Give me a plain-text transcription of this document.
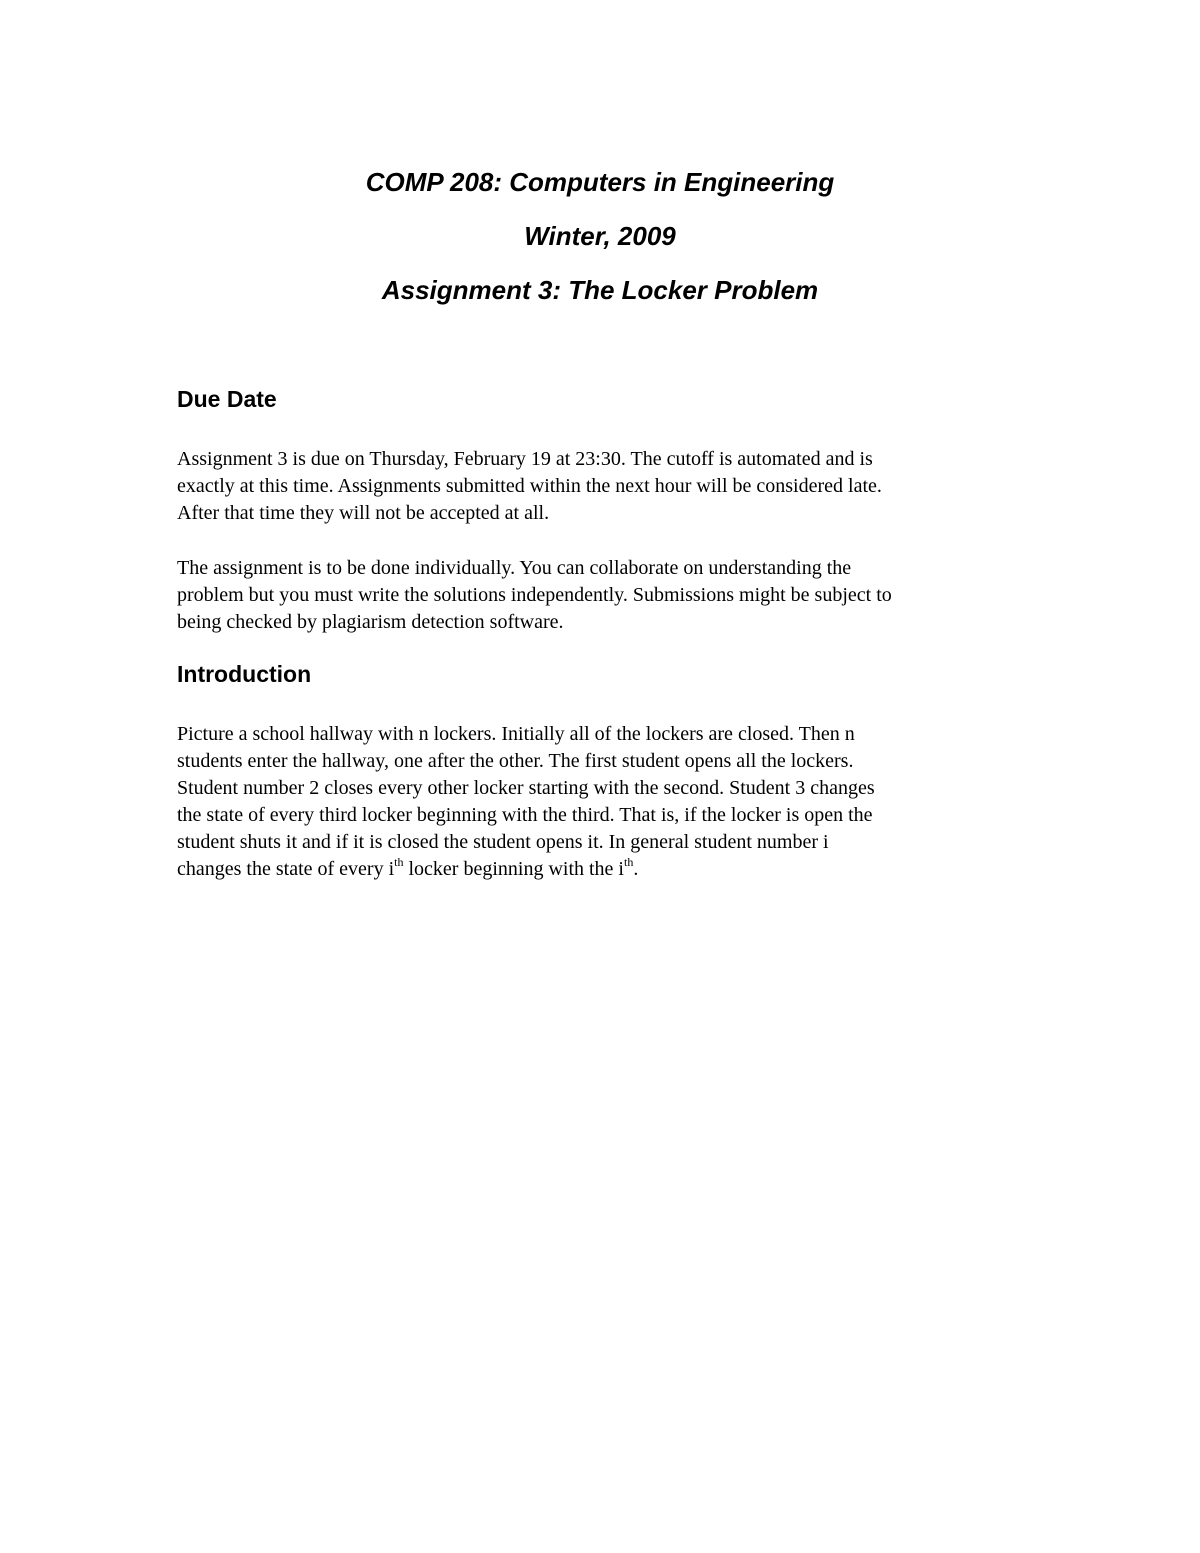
COMP 208: Computers in Engineering
Winter, 2009
Assignment 3: The Locker Problem
Due Date

Assignment 3 is due on Thursday, February 19 at 23:30. The cutoff is automated and is
exactly at this time. Assignments submitted within the next hour will be considered late.
After that time they will not be accepted at all.

The assignment is to be done individually. You can collaborate on understanding the
problem but you must write the solutions independently. Submissions might be subject to
being checked by plagiarism detection software.

Introduction

Picture a school hallway with n lockers. Initially all of the lockers are closed. Then n
students enter the hallway, one after the other. The first student opens all the lockers.
Student number 2 closes every other locker starting with the second. Student 3 changes
the state of every third locker beginning with the third. That is, if the locker is open the
student shuts it and if it is closed the student opens it. In general student number i
changes the state of every $i^{th}$ locker beginning with the $i^{th}$.
